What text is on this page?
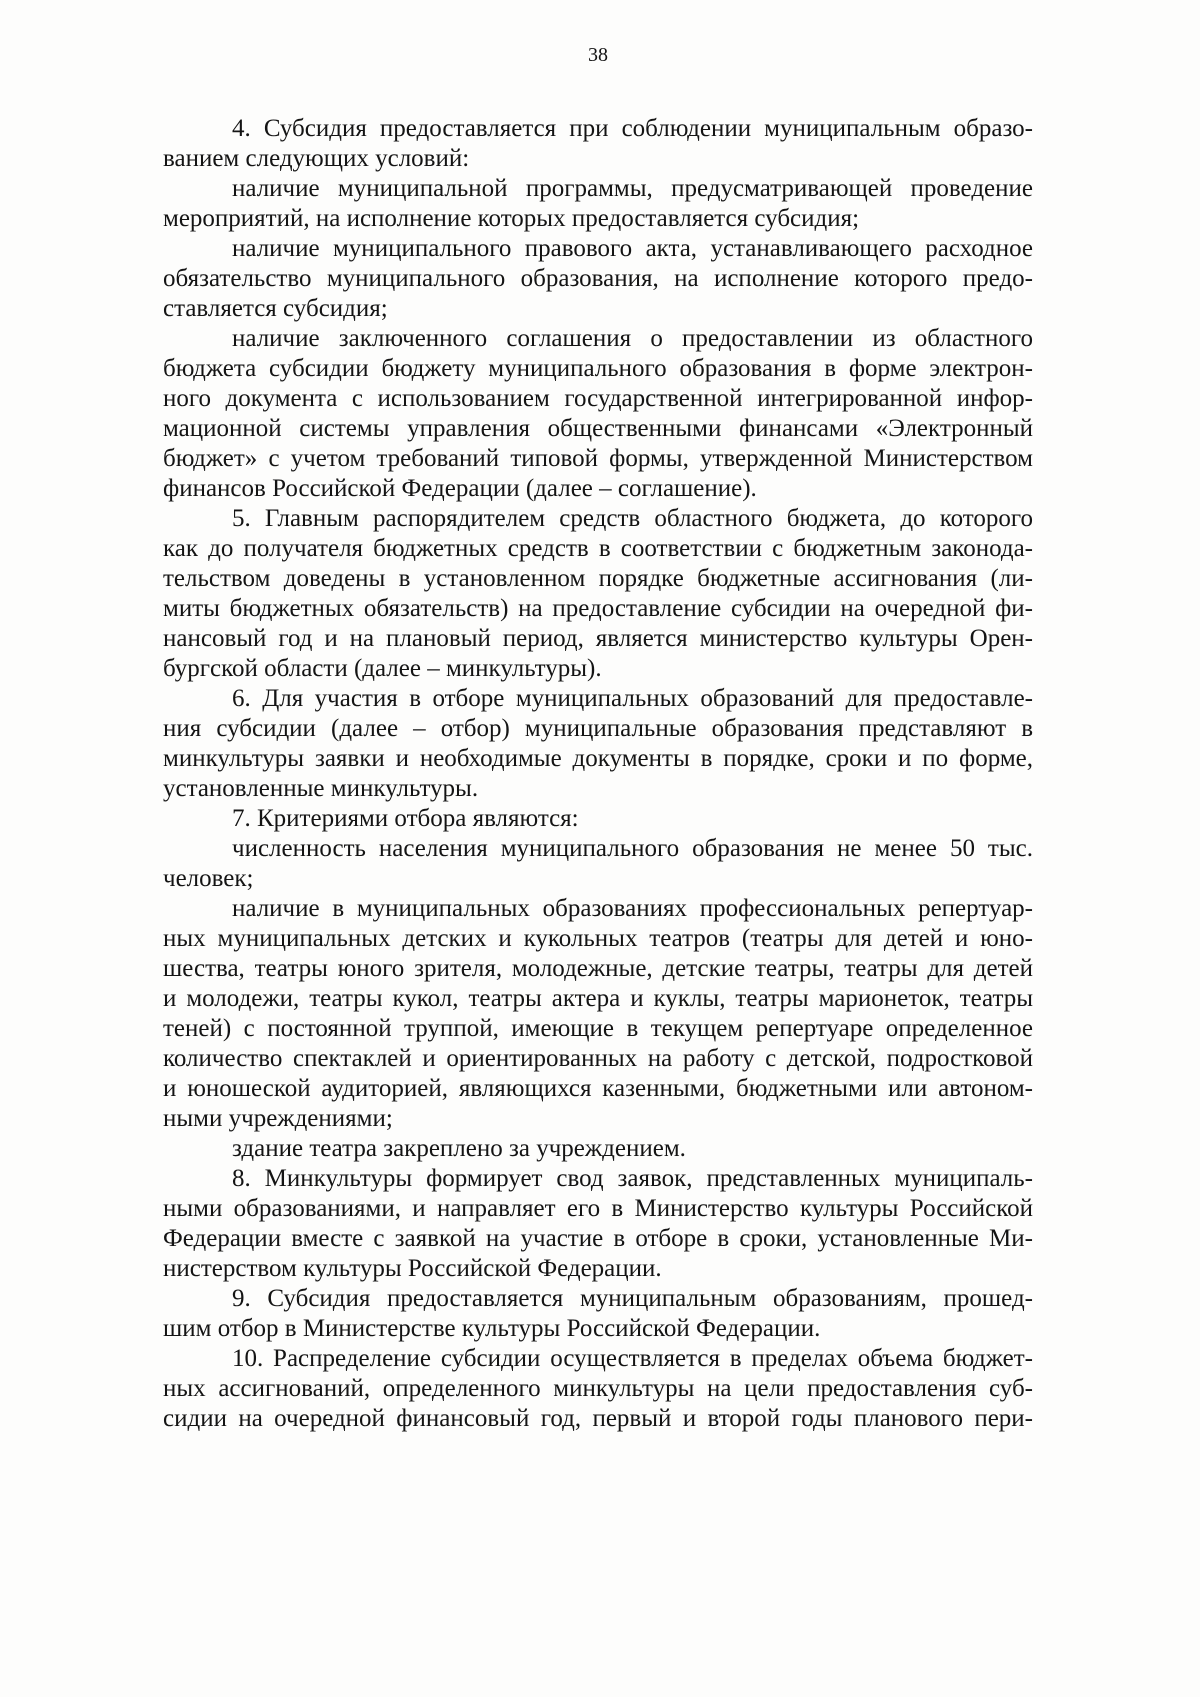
38
4. Субсидия предоставляется при соблюдении муниципальным образо-
ванием следующих условий:
наличие муниципальной программы, предусматривающей проведение
мероприятий, на исполнение которых предоставляется субсидия;
наличие муниципального правового акта, устанавливающего расходное
обязательство муниципального образования, на исполнение которого предо-
ставляется субсидия;
наличие заключенного соглашения о предоставлении из областного
бюджета субсидии бюджету муниципального образования в форме электрон-
ного документа с использованием государственной интегрированной инфор-
мационной системы управления общественными финансами «Электронный
бюджет» с учетом требований типовой формы, утвержденной Министерством
финансов Российской Федерации (далее – соглашение).
5. Главным распорядителем средств областного бюджета, до которого
как до получателя бюджетных средств в соответствии с бюджетным законода-
тельством доведены в установленном порядке бюджетные ассигнования (ли-
миты бюджетных обязательств) на предоставление субсидии на очередной фи-
нансовый год и на плановый период, является министерство культуры Орен-
бургской области (далее – минкультуры).
6. Для участия в отборе муниципальных образований для предоставле-
ния субсидии (далее – отбор) муниципальные образования представляют в
минкультуры заявки и необходимые документы в порядке, сроки и по форме,
установленные минкультуры.
7. Критериями отбора являются:
численность населения муниципального образования не менее 50 тыс.
человек;
наличие в муниципальных образованиях профессиональных репертуар-
ных муниципальных детских и кукольных театров (театры для детей и юно-
шества, театры юного зрителя, молодежные, детские театры, театры для детей
и молодежи, театры кукол, театры актера и куклы, театры марионеток, театры
теней) с постоянной труппой, имеющие в текущем репертуаре определенное
количество спектаклей и ориентированных на работу с детской, подростковой
и юношеской аудиторией, являющихся казенными, бюджетными или автоном-
ными учреждениями;
здание театра закреплено за учреждением.
8. Минкультуры формирует свод заявок, представленных муниципаль-
ными образованиями, и направляет его в Министерство культуры Российской
Федерации вместе с заявкой на участие в отборе в сроки, установленные Ми-
нистерством культуры Российской Федерации.
9. Субсидия предоставляется муниципальным образованиям, прошед-
шим отбор в Министерстве культуры Российской Федерации.
10. Распределение субсидии осуществляется в пределах объема бюджет-
ных ассигнований, определенного минкультуры на цели предоставления суб-
сидии на очередной финансовый год, первый и второй годы планового пери-
